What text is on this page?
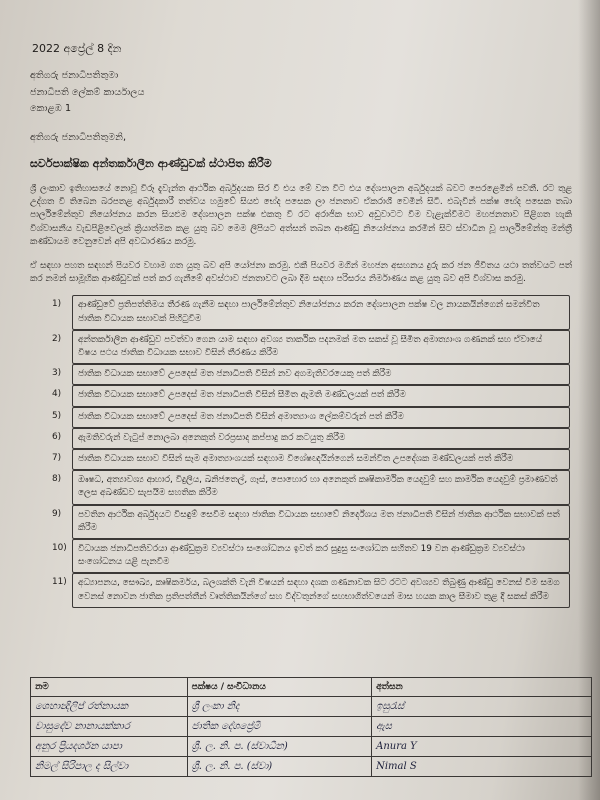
2022 අප්‍රේල් 8 දින
අතිගරු ජනාධිපතිතුමා
ජනාධිපති ලේකම් කාර්යාලය
කොළඹ 1
අතිගරු ජනාධිපතිතුමනි,
සර්වපාක්ෂික අන්තර්කාලීන ආණ්ඩුවක් ස්ථාපිත කිරීම
ශ්‍රී ලංකාව ඉතිහාසයේ නොවූ විරූ දැවැන්ත ආර්ථික අර්බුදයක සිර වී එය මේ වන විට එය දේශපාලන අර්බුදයක් බවට පෙරළෙමින් පවතී. රට තුළ උද්ගත වී තිබෙන බරපතළ අර්බුදකාරී තත්වය හමුවේ සියළු භේද පසෙක ලා ජනතාව ඒකරාශී වෙමින් සිටී. එබැවින් පක්ෂ භේද පසෙක තබා පාර්ලිමේන්තුව නියෝජනය කරන සියළුම දේශපාලන පක්ෂ එකතු වී රට අරාජික භාව අඩුවාටට වීම වැළැක්වීමට මහජනතාව පිළිගත හැකි විශ්වාසනීය වැඩපිළිවෙලක් ක්‍රියාත්මක කළ යුතු බව මෙම ලිපියට අත්සන් තබන ආණ්ඩු නියෝජනය කරමින් සිට ස්වාධීන වූ පාර්ලිමේන්තු මන්ත්‍රී කණ්ඩායම වෙනුවෙන් අපි අවධාරණය කරමු.
ඒ සඳහා පහත සඳහන් පියවර වහාම ගත යුතු බව අපි යෝජනා කරමු. එකී පියවර මගින් මහජන අසහනය දුරු කර ජන ජීවිතය යථා තත්වයට පත් කර නමන් සාමූහික ආණ්ඩුවක් පත් කර ගැනීමේ අවස්ථාව ජනතාවට ලබා දීම සඳහා පරිසරය නිර්මාණය කළ යුතු බව අපි විශ්වාස කරමු.
1)	ආණ්ඩුවේ ප්‍රතිපත්තිමය තීරණ ගැනීම සඳහා පාර්ලිමේන්තුව නියෝජනය කරන දේශපාලන පක්ෂ වල නායකයින්ගෙන් සමන්විත ජාතික විධායක සභාවක් පිහිටුවීම
2)	අන්තර්කාලීන ආණ්ඩුව පවත්වා ගෙන යාම සඳහා අවශ්‍ය තාර්කික පදනමක් මත සකස් වූ සීමිත අමාත්‍යාංශ ගණනක් සහ ඒවායේ විෂය පථය ජාතික විධායක සභාව විසින් තීරණය කිරීම
3)	ජාතික විධායක සභාවේ උපදෙස් මත ජනාධිපති විසින් නව අගමැතිවරයෙකු පත් කිරීම
4)	ජාතික විධායක සභාවේ උපදෙස් මත ජනාධිපති විසින් සීමිත ඇමති මණ්ඩලයක් පත් කිරීම
5)	ජාතික විධායක සභාවේ උපදෙස් මත ජනාධිපති විසින් අමාත්‍යාංශ ලේකම්වරුන් පත් කිරීම
6)	ඇමතිවරුන් වැටුප් නොලබා අනෙකුත් වරප්‍රසාද කප්පාදු කර කටයුතු කිරීම
7)	ජාතික විධායක සභාව විසින් සෑම අමාත්‍යාංශයක් සඳහාම විශේෂඥයින්ගෙන් සමන්විත උපදේශක මණ්ඩලයක් පත් කිරීම
8)	ඖෂධ, අත්‍යාවශ්‍ය ආහාර, විදුලිය, ඛනිජතෙල්, ගෑස්, පොහොර හා අනෙකුත් කෘෂිකාර්මික යෙදවුම් සහ කාර්මික යෙදවුම් ප්‍රමාණවත් ලෙස අඛණ්ඩව සැපයීම සහතික කිරීම
9)	පවතින ආර්ථික අර්බුදයට විසඳුම් සෙවීම සඳහා ජාතික විධායක සභාවේ නිර්දේශය මත ජනාධිපති විසින් ජාතික ආර්ථික සභාවක් පත් කිරීම
10)	විධායක ජනාධිපතිවරයා ආණ්ඩුක්‍රම ව්‍යවස්ථා සංශෝධනය ඉවත් කර සුදුසු සංශෝධන සහිතව 19 වන ආණ්ඩුක්‍රම ව්‍යවස්ථා සංශෝධනය යළි පැනවීම
11)	අධ්‍යාපනය, සෞඛ්‍ය, කෘෂිකර්මය, බලශක්ති වැනි විෂයන් සඳහා දශක ගණනාවක සිට රටට අවශ්‍යව තිබුණු ආණ්ඩු වෙනස් වීම සමග වෙනස් නොවන ජාතික ප්‍රතිපත්තීන් වෘත්තිකයින්ගේ සහ විද්වතුන්ගේ සහභාගිත්වයෙන් මාස හයක කාල සීමාව තුළ දී සකස් කිරීම
නම	පක්ෂය / සංවිධානය	අත්සන
ශෙහාන්‍දිලිප් රත්නායක	ශ්‍රී ලංකා නිද	ඉසුරැස්
වාසුදේව නානායක්කාර	ජාතික දේශප්‍රේමී	ඇස
අනුර ප්‍රියදර්ශන යාපා	ශ්‍රී. ල. නි. ප. (ස්‍වාධීන)	Anura Y
නිමල් සිරිපාල ද සිල්වා	ශ්‍රී. ල. නි. ප. (ස්‍වා)	Nimal S
